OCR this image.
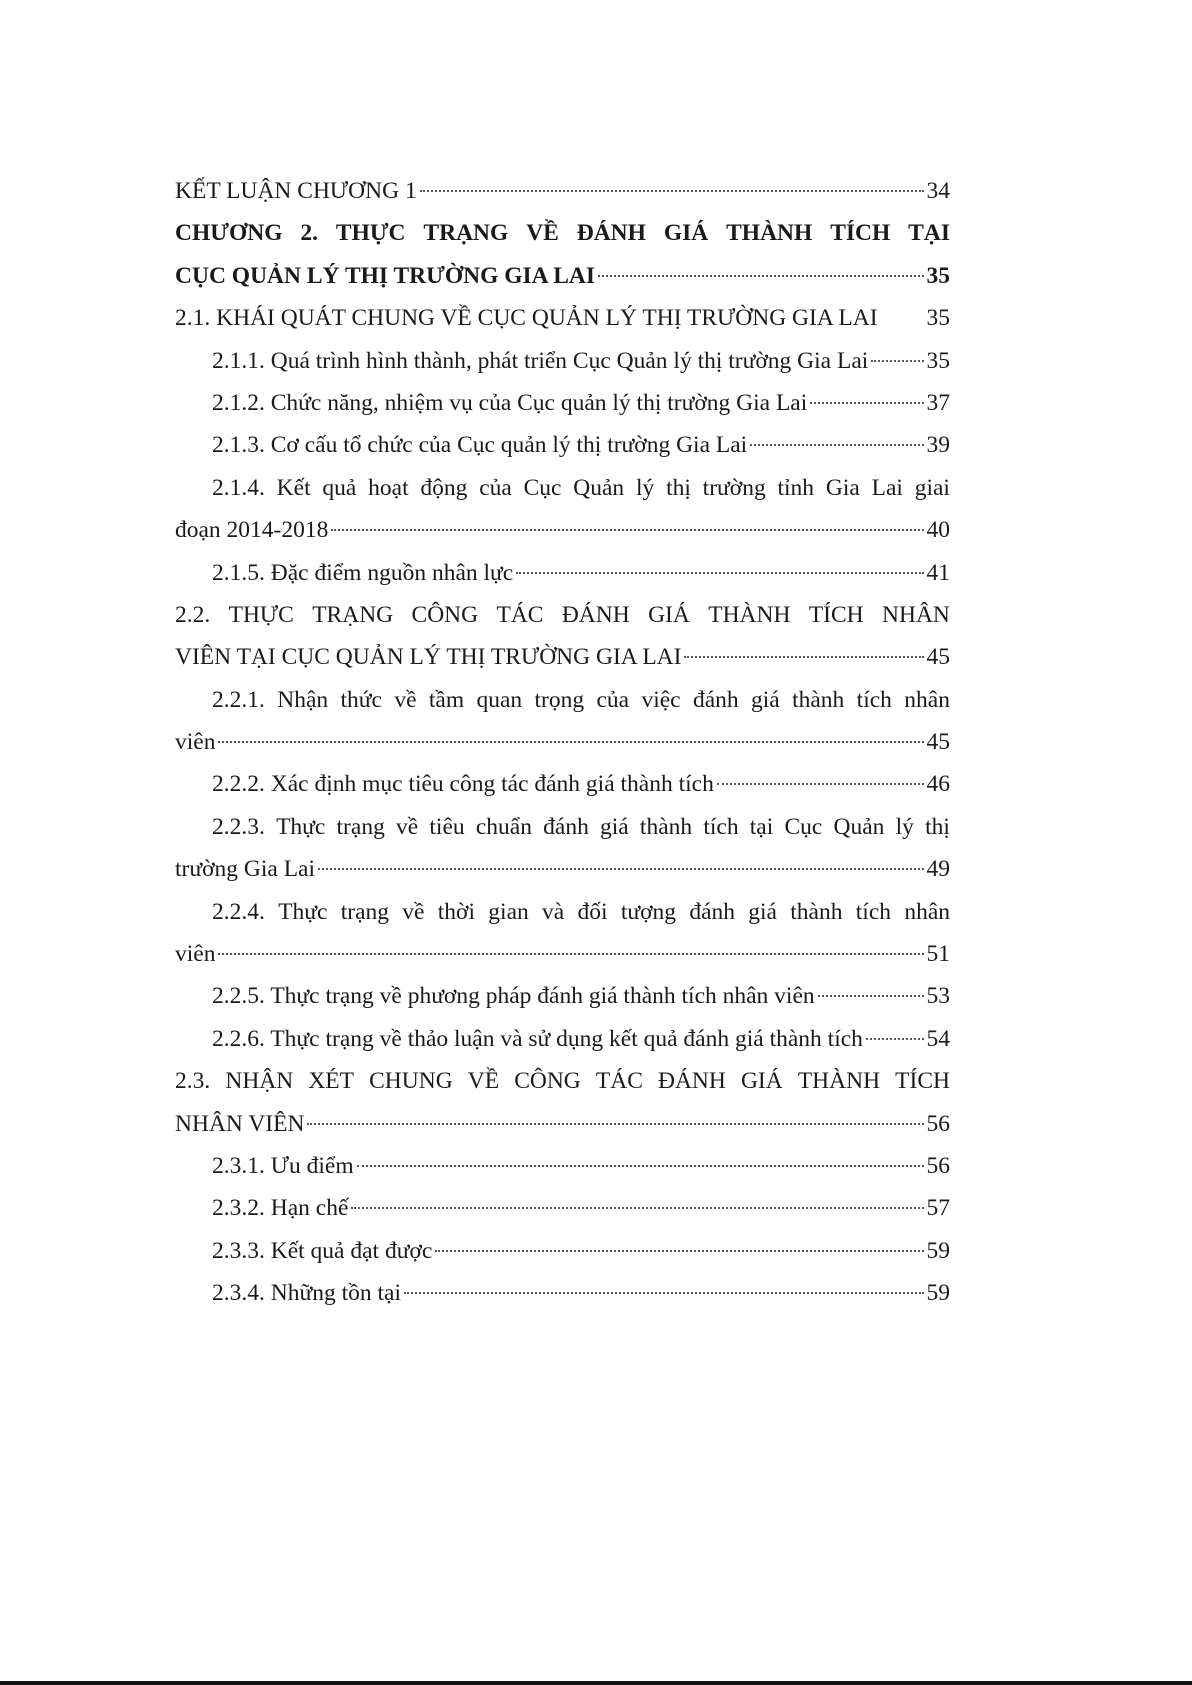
KẾT LUẬN CHƯƠNG 1	34
CHƯƠNG 2. THỰC TRẠNG VỀ ĐÁNH GIÁ THÀNH TÍCH TẠI
CỤC QUẢN LÝ THỊ TRƯỜNG GIA LAI	35
2.1. KHÁI QUÁT CHUNG VỀ CỤC QUẢN LÝ THỊ TRƯỜNG GIA LAI 35
2.1.1. Quá trình hình thành, phát triển Cục Quản lý thị trường Gia Lai 35
2.1.2. Chức năng, nhiệm vụ của Cục quản lý thị trường Gia Lai	37
2.1.3. Cơ cấu tổ chức của Cục quản lý thị trường Gia Lai	39
2.1.4. Kết quả hoạt động của Cục Quản lý thị trường tỉnh Gia Lai giai
đoạn 2014-2018	40
2.1.5. Đặc điểm nguồn nhân lực	41
2.2. THỰC TRẠNG CÔNG TÁC ĐÁNH GIÁ THÀNH TÍCH NHÂN
VIÊN TẠI CỤC QUẢN LÝ THỊ TRƯỜNG GIA LAI	45
2.2.1. Nhận thức về tầm quan trọng của việc đánh giá thành tích nhân
viên	45
2.2.2. Xác định mục tiêu công tác đánh giá thành tích	46
2.2.3. Thực trạng về tiêu chuẩn đánh giá thành tích tại Cục Quản lý thị
trường Gia Lai	49
2.2.4. Thực trạng về thời gian và đối tượng đánh giá thành tích nhân
viên	51
2.2.5. Thực trạng về phương pháp đánh giá thành tích nhân viên	53
2.2.6. Thực trạng về thảo luận và sử dụng kết quả đánh giá thành tích	54
2.3. NHẬN XÉT CHUNG VỀ CÔNG TÁC ĐÁNH GIÁ THÀNH TÍCH
NHÂN VIÊN	56
2.3.1. Ưu điểm	56
2.3.2. Hạn chế	57
2.3.3. Kết quả đạt được	59
2.3.4. Những tồn tại	59
